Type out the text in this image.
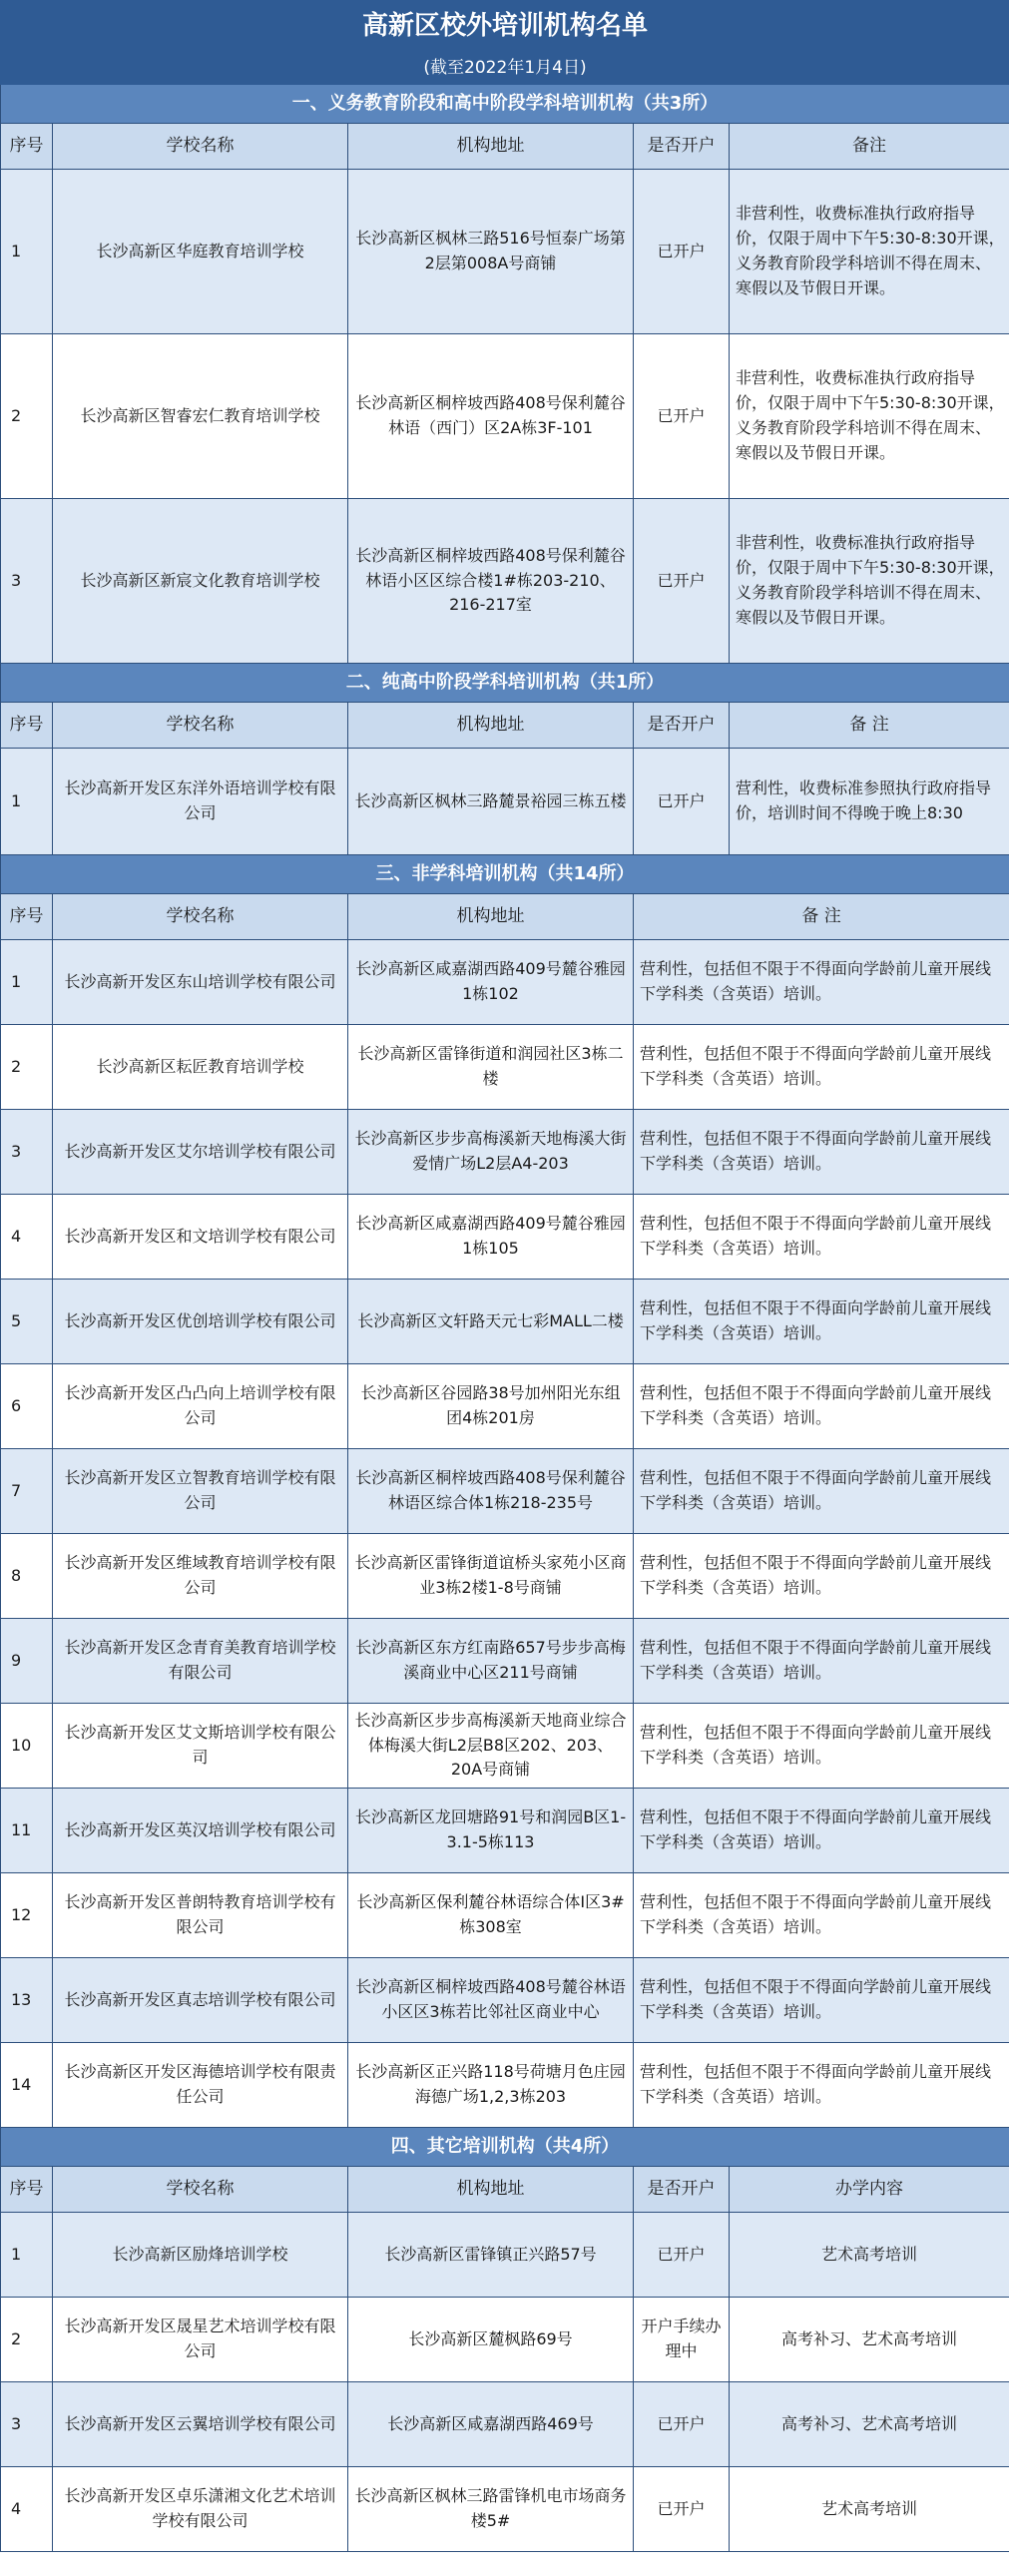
高新区校外培训机构名单				
(截至2022年1月4日)				
一、义务教育阶段和高中阶段学科培训机构（共3所）				
序号	学校名称	机构地址	是否开户	备注
1	长沙高新区华庭教育培训学校	长沙高新区枫林三路516号恒泰广场第2层第008A号商铺	已开户	非营利性，收费标准执行政府指导价，仅限于周中下午5:30-8:30开课，义务教育阶段学科培训不得在周末、寒假以及节假日开课。
2	长沙高新区智睿宏仁教育培训学校	长沙高新区桐梓坡西路408号保利麓谷林语（西门）区2A栋3F-101	已开户	非营利性，收费标准执行政府指导价，仅限于周中下午5:30-8:30开课，义务教育阶段学科培训不得在周末、寒假以及节假日开课。
3	长沙高新区新宸文化教育培训学校	长沙高新区桐梓坡西路408号保利麓谷林语小区区综合楼1#栋203-210、216-217室	已开户	非营利性，收费标准执行政府指导价，仅限于周中下午5:30-8:30开课，义务教育阶段学科培训不得在周末、寒假以及节假日开课。
二、纯高中阶段学科培训机构（共1所）				
序号	学校名称	机构地址	是否开户	备 注
1	长沙高新开发区东洋外语培训学校有限公司	长沙高新区枫林三路麓景裕园三栋五楼	已开户	营利性，收费标准参照执行政府指导价，培训时间不得晚于晚上8:30
三、非学科培训机构（共14所）				
序号	学校名称	机构地址	备 注	
1	长沙高新开发区东山培训学校有限公司	长沙高新区咸嘉湖西路409号麓谷雅园1栋102	营利性，包括但不限于不得面向学龄前儿童开展线下学科类（含英语）培训。	
2	长沙高新区耘匠教育培训学校	长沙高新区雷锋街道和润园社区3栋二楼	营利性，包括但不限于不得面向学龄前儿童开展线下学科类（含英语）培训。	
3	长沙高新开发区艾尔培训学校有限公司	长沙高新区步步高梅溪新天地梅溪大街爱情广场L2层A4-203	营利性，包括但不限于不得面向学龄前儿童开展线下学科类（含英语）培训。	
4	长沙高新开发区和文培训学校有限公司	长沙高新区咸嘉湖西路409号麓谷雅园1栋105	营利性，包括但不限于不得面向学龄前儿童开展线下学科类（含英语）培训。	
5	长沙高新开发区优创培训学校有限公司	长沙高新区文轩路天元七彩MALL二楼	营利性，包括但不限于不得面向学龄前儿童开展线下学科类（含英语）培训。	
6	长沙高新开发区凸凸向上培训学校有限公司	长沙高新区谷园路38号加州阳光东组团4栋201房	营利性，包括但不限于不得面向学龄前儿童开展线下学科类（含英语）培训。	
7	长沙高新开发区立智教育培训学校有限公司	长沙高新区桐梓坡西路408号保利麓谷林语区综合体1栋218-235号	营利性，包括但不限于不得面向学龄前儿童开展线下学科类（含英语）培训。	
8	长沙高新开发区维域教育培训学校有限公司	长沙高新区雷锋街道谊桥头家苑小区商业3栋2楼1-8号商铺	营利性，包括但不限于不得面向学龄前儿童开展线下学科类（含英语）培训。	
9	长沙高新开发区念青育美教育培训学校有限公司	长沙高新区东方红南路657号步步高梅溪商业中心区211号商铺	营利性，包括但不限于不得面向学龄前儿童开展线下学科类（含英语）培训。	
10	长沙高新开发区艾文斯培训学校有限公司	长沙高新区步步高梅溪新天地商业综合体梅溪大街L2层B8区202、203、20A号商铺	营利性，包括但不限于不得面向学龄前儿童开展线下学科类（含英语）培训。	
11	长沙高新开发区英汉培训学校有限公司	长沙高新区龙回塘路91号和润园B区1-3.1-5栋113	营利性，包括但不限于不得面向学龄前儿童开展线下学科类（含英语）培训。	
12	长沙高新开发区普朗特教育培训学校有限公司	长沙高新区保利麓谷林语综合体I区3#栋308室	营利性，包括但不限于不得面向学龄前儿童开展线下学科类（含英语）培训。	
13	长沙高新开发区真志培训学校有限公司	长沙高新区桐梓坡西路408号麓谷林语小区区3栋若比邻社区商业中心	营利性，包括但不限于不得面向学龄前儿童开展线下学科类（含英语）培训。	
14	长沙高新区开发区海德培训学校有限责任公司	长沙高新区正兴路118号荷塘月色庄园海德广场1,2,3栋203	营利性，包括但不限于不得面向学龄前儿童开展线下学科类（含英语）培训。	
四、其它培训机构（共4所）				
序号	学校名称	机构地址	是否开户	办学内容
1	长沙高新区励烽培训学校	长沙高新区雷锋镇正兴路57号	已开户	艺术高考培训
2	长沙高新开发区晟星艺术培训学校有限公司	长沙高新区麓枫路69号	开户手续办理中	高考补习、艺术高考培训
3	长沙高新开发区云翼培训学校有限公司	长沙高新区咸嘉湖西路469号	已开户	高考补习、艺术高考培训
4	长沙高新开发区卓乐潇湘文化艺术培训学校有限公司	长沙高新区枫林三路雷锋机电市场商务楼5#	已开户	艺术高考培训
